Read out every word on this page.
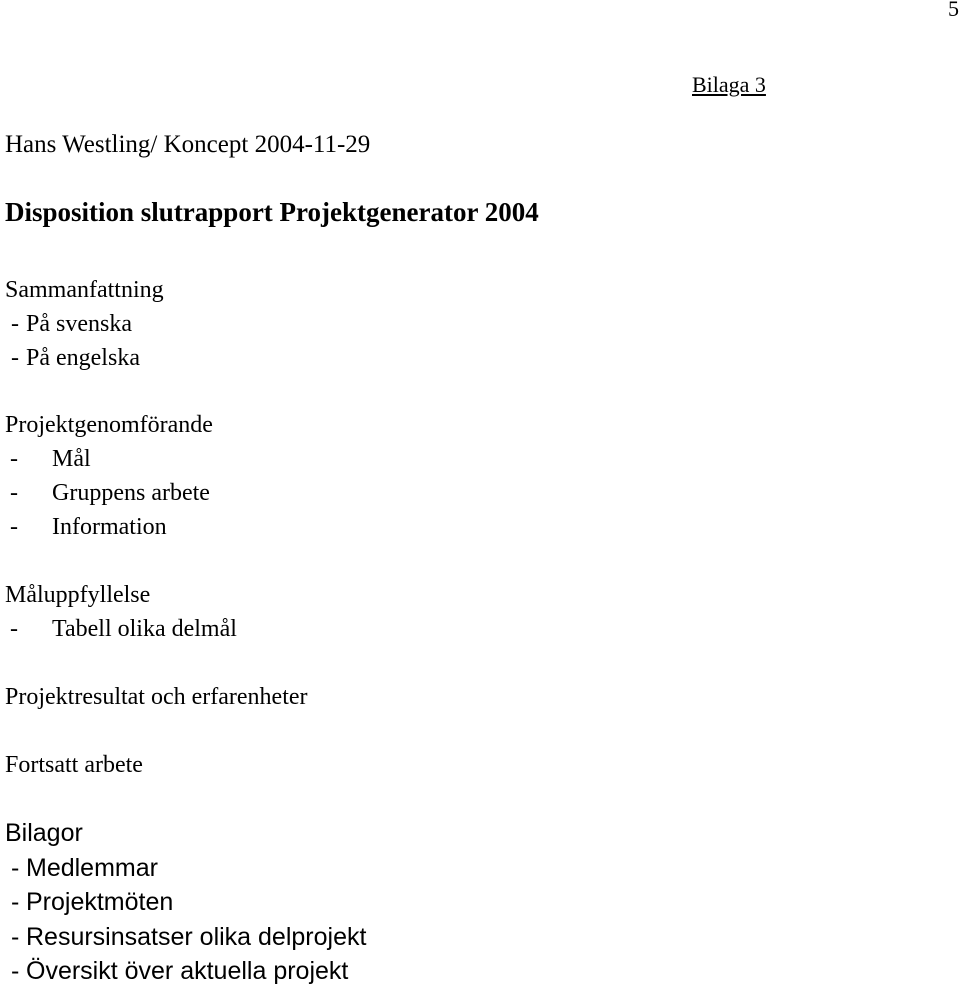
5
Bilaga 3
Hans Westling/ Koncept 2004-11-29
Disposition slutrapport Projektgenerator 2004
Sammanfattning
- På svenska
- På engelska
Projektgenomförande
-	Mål
-	Gruppens arbete
-	Information
Måluppfyllelse
-	Tabell olika delmål
Projektresultat och erfarenheter
Fortsatt arbete
Bilagor
- Medlemmar
- Projektmöten
- Resursinsatser olika delprojekt
- Översikt över aktuella projekt
